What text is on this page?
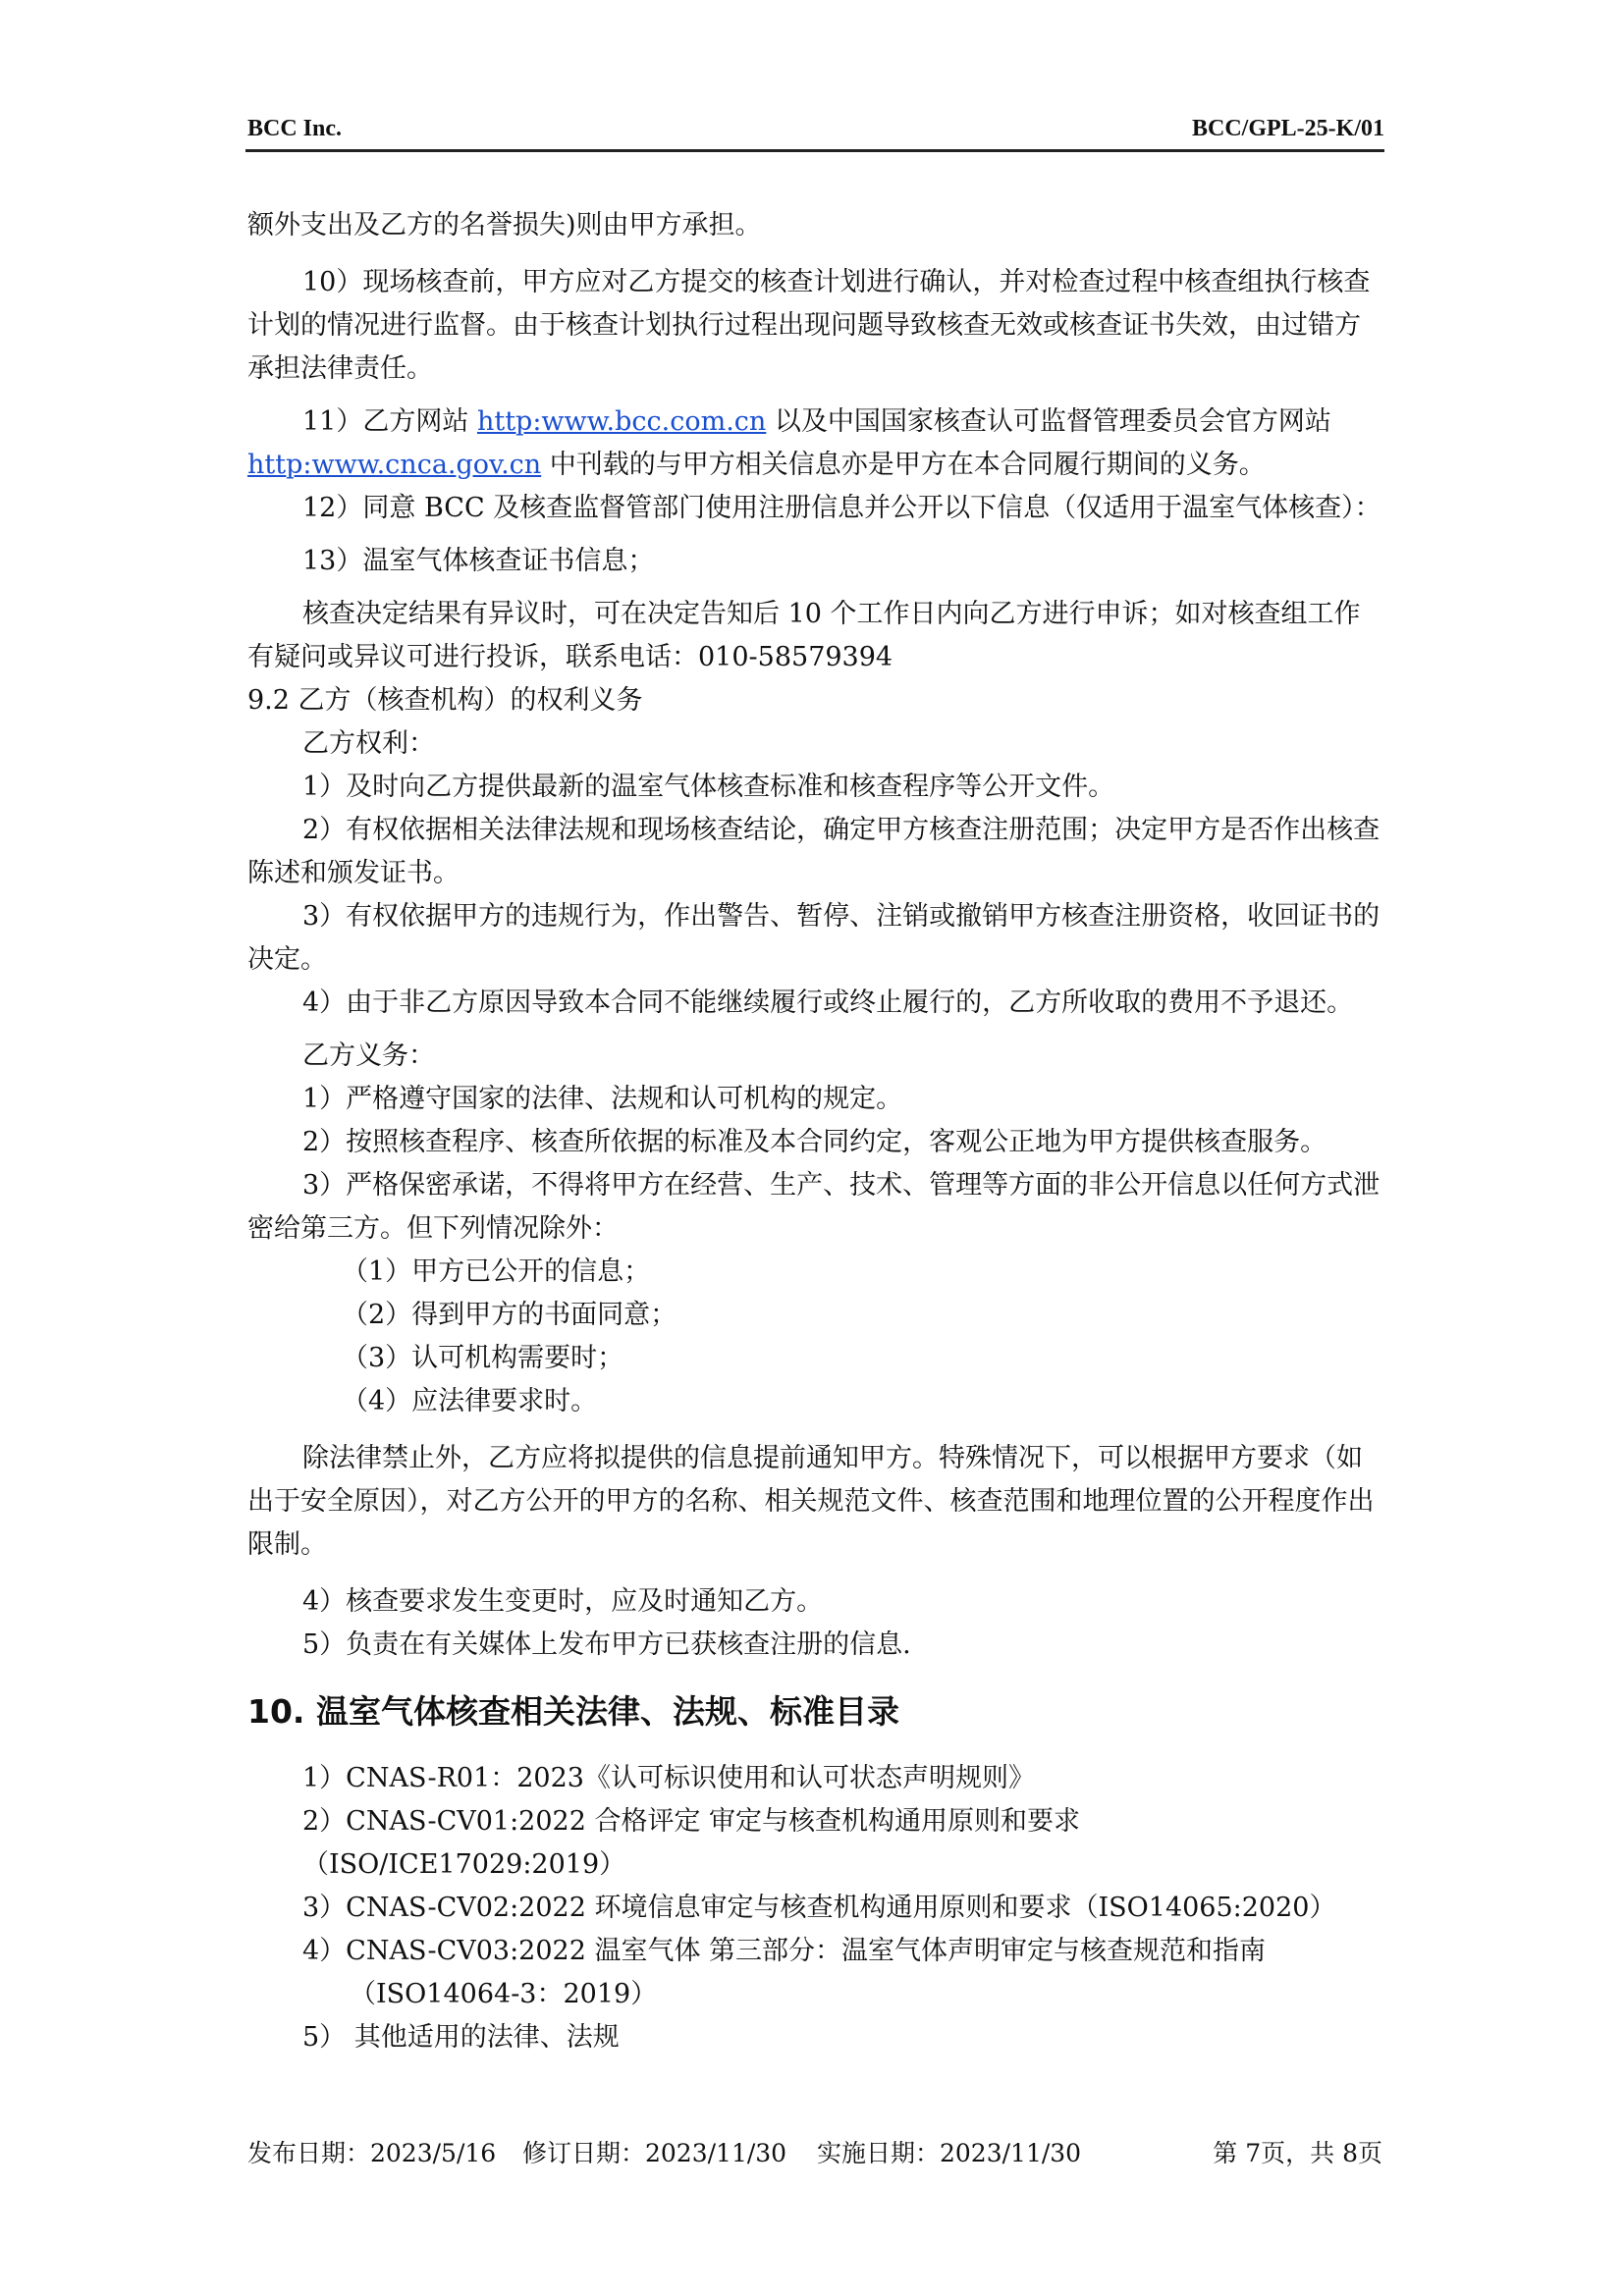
BCC Inc.	BCC/GPL-25-K/01

额外支出及乙方的名誉损失)则由甲方承担。

10）现场核查前，甲方应对乙方提交的核查计划进行确认，并对检查过程中核查组执行核查计划的情况进行监督。由于核查计划执行过程出现问题导致核查无效或核查证书失效，由过错方承担法律责任。

11）乙方网站 http:www.bcc.com.cn 以及中国国家核查认可监督管理委员会官方网站 http:www.cnca.gov.cn 中刊载的与甲方相关信息亦是甲方在本合同履行期间的义务。

12）同意 BCC 及核查监督管部门使用注册信息并公开以下信息（仅适用于温室气体核查）：

13）温室气体核查证书信息；

核查决定结果有异议时，可在决定告知后 10 个工作日内向乙方进行申诉；如对核查组工作有疑问或异议可进行投诉，联系电话：010-58579394

9.2 乙方（核查机构）的权利义务

乙方权利：

1）及时向乙方提供最新的温室气体核查标准和核查程序等公开文件。

2）有权依据相关法律法规和现场核查结论，确定甲方核查注册范围；决定甲方是否作出核查陈述和颁发证书。

3）有权依据甲方的违规行为，作出警告、暂停、注销或撤销甲方核查注册资格，收回证书的决定。

4）由于非乙方原因导致本合同不能继续履行或终止履行的，乙方所收取的费用不予退还。

乙方义务：

1）严格遵守国家的法律、法规和认可机构的规定。

2）按照核查程序、核查所依据的标准及本合同约定，客观公正地为甲方提供核查服务。

3）严格保密承诺，不得将甲方在经营、生产、技术、管理等方面的非公开信息以任何方式泄密给第三方。但下列情况除外：

（1）甲方已公开的信息；

（2）得到甲方的书面同意；

（3）认可机构需要时；

（4）应法律要求时。

除法律禁止外，乙方应将拟提供的信息提前通知甲方。特殊情况下，可以根据甲方要求（如出于安全原因），对乙方公开的甲方的名称、相关规范文件、核查范围和地理位置的公开程度作出限制。

4）核查要求发生变更时，应及时通知乙方。

5）负责在有关媒体上发布甲方已获核查注册的信息.

10. 温室气体核查相关法律、法规、标准目录

1）CNAS-R01：2023《认可标识使用和认可状态声明规则》

2）CNAS-CV01:2022 合格评定 审定与核查机构通用原则和要求（ISO/ICE17029:2019）

3）CNAS-CV02:2022 环境信息审定与核查机构通用原则和要求（ISO14065:2020）

4）CNAS-CV03:2022 温室气体 第三部分：温室气体声明审定与核查规范和指南（ISO14064-3：2019）

5） 其他适用的法律、法规

发布日期：2023/5/16	修订日期：2023/11/30	实施日期：2023/11/30	第 7页，共 8页
